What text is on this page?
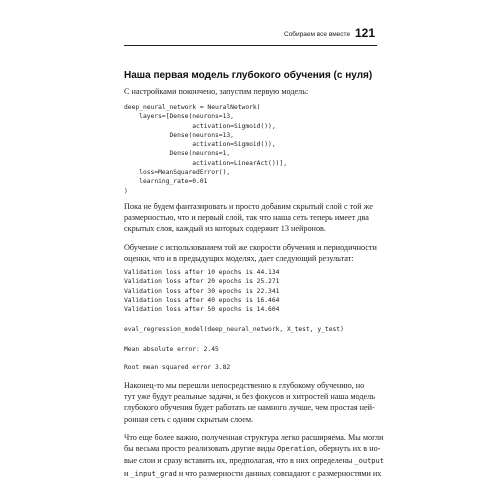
Собираем все вместе 121
Наша первая модель глубокого обучения (с нуля)
С настройками покончено, запустим первую модель:
deep_neural_network = NeuralNetwork(
layers=[Dense(neurons=13,
activation=Sigmoid()),
Dense(neurons=13,
activation=Sigmoid()),
Dense(neurons=1,
activation=LinearAct())],
loss=MeanSquaredError(),
learning_rate=0.01
)
Пока не будем фантазировать и просто добавим скрытый слой с той же
размерностью, что и первый слой, так что наша сеть теперь имеет два
скрытых слоя, каждый из которых содержит 13 нейронов.
Обучение с использованием той же скорости обучения и периодичности
оценки, что и в предыдущих моделях, дает следующий результат:
Validation loss after 10 epochs is 44.134
Validation loss after 20 epochs is 25.271
Validation loss after 30 epochs is 22.341
Validation loss after 40 epochs is 16.464
Validation loss after 50 epochs is 14.604
eval_regression_model(deep_neural_network, X_test, y_test)
Mean absolute error: 2.45
Root mean squared error 3.82
Наконец-то мы перешли непосредственно к глубокому обучению, но
тут уже будут реальные задачи, и без фокусов и хитростей наша модель
глубокого обучения будет работать не намного лучше, чем простая ней-
ронная сеть с одним скрытым слоем.
Что еще более важно, полученная структура легко расширяема. Мы могли
бы весьма просто реализовать другие виды Operation, обернуть их в но-
вые слои и сразу вставить их, предполагая, что в них определены _output
и _input_grad и что размерности данных совпадают с размерностями их
